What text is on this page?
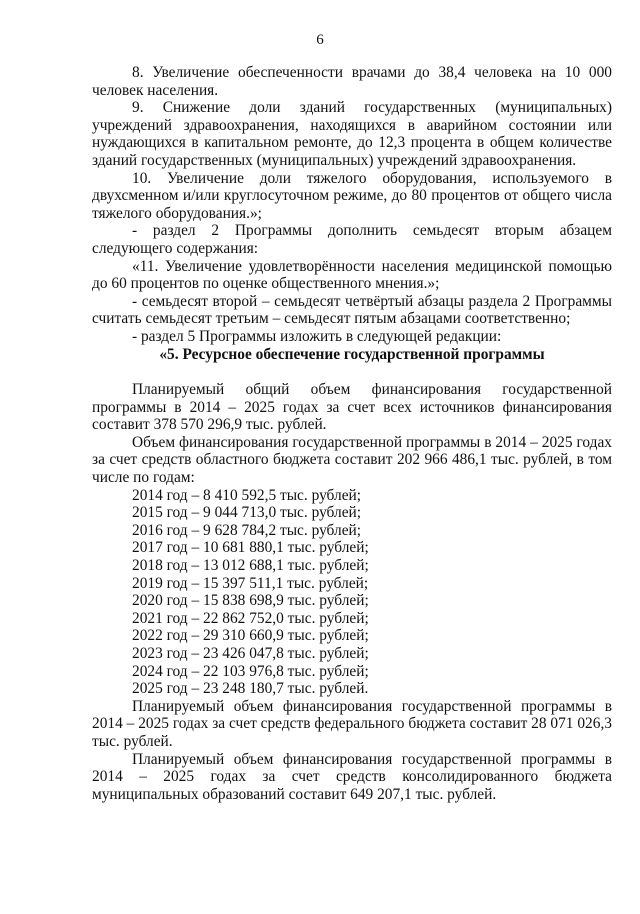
6

8. Увеличение обеспеченности врачами до 38,4 человека на 10 000 человек населения.

9. Снижение доли зданий государственных (муниципальных) учреждений здравоохранения, находящихся в аварийном состоянии или нуждающихся в капитальном ремонте, до 12,3 процента в общем количестве зданий государственных (муниципальных) учреждений здравоохранения.

10. Увеличение доли тяжелого оборудования, используемого в двухсменном и/или круглосуточном режиме, до 80 процентов от общего числа тяжелого оборудования.»;

- раздел 2 Программы дополнить семьдесят вторым абзацем следующего содержания:

«11. Увеличение удовлетворённости населения медицинской помощью до 60 процентов по оценке общественного мнения.»;

- семьдесят второй – семьдесят четвёртый абзацы раздела 2 Программы считать семьдесят третьим – семьдесят пятым абзацами соответственно;

- раздел 5 Программы изложить в следующей редакции:

«5. Ресурсное обеспечение государственной программы

Планируемый общий объем финансирования государственной программы в 2014 – 2025 годах за счет всех источников финансирования составит 378 570 296,9 тыс. рублей.

Объем финансирования государственной программы в 2014 – 2025 годах за счет средств областного бюджета составит 202 966 486,1 тыс. рублей, в том числе по годам:

2014 год – 8 410 592,5 тыс. рублей;

2015 год – 9 044 713,0 тыс. рублей;

2016 год – 9 628 784,2 тыс. рублей;

2017 год – 10 681 880,1 тыс. рублей;

2018 год – 13 012 688,1 тыс. рублей;

2019 год – 15 397 511,1 тыс. рублей;

2020 год – 15 838 698,9 тыс. рублей;

2021 год – 22 862 752,0 тыс. рублей;

2022 год – 29 310 660,9 тыс. рублей;

2023 год – 23 426 047,8 тыс. рублей;

2024 год – 22 103 976,8 тыс. рублей;

2025 год – 23 248 180,7 тыс. рублей.

Планируемый объем финансирования государственной программы в 2014 – 2025 годах за счет средств федерального бюджета составит 28 071 026,3 тыс. рублей.

Планируемый объем финансирования государственной программы в 2014 – 2025 годах за счет средств консолидированного бюджета муниципальных образований составит 649 207,1 тыс. рублей.
